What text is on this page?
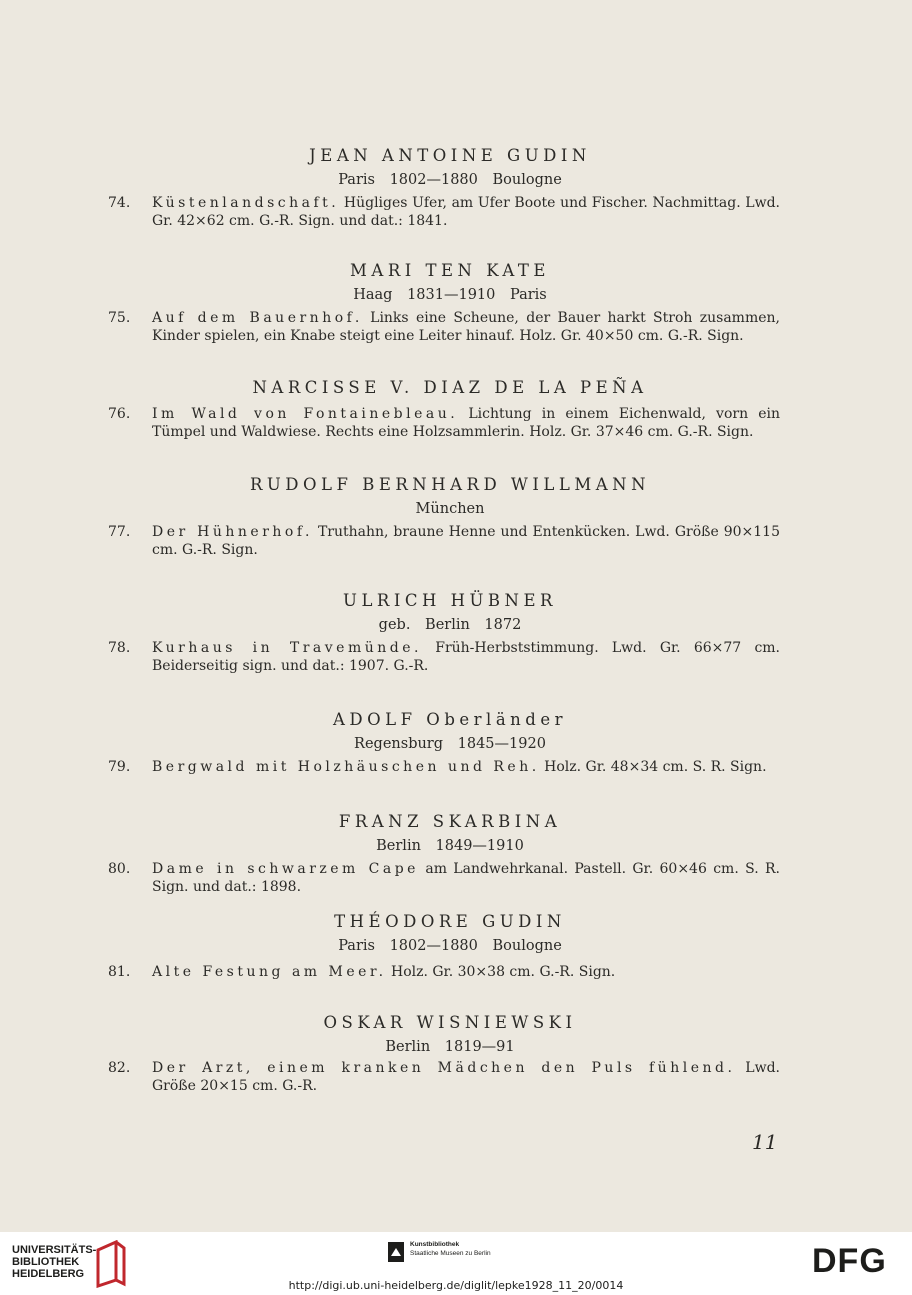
JEAN ANTOINE GUDIN
Paris 1802—1880 Boulogne
74.	Küstenlandschaft. Hügliges Ufer, am Ufer Boote und Fischer. Nachmittag. Lwd. Gr. 42×62 cm. G.-R. Sign. und dat.: 1841.
MARI TEN KATE
Haag 1831—1910 Paris
75.	Auf dem Bauernhof. Links eine Scheune, der Bauer harkt Stroh zusammen, Kinder spielen, ein Knabe steigt eine Leiter hinauf. Holz. Gr. 40×50 cm. G.-R. Sign.
NARCISSE V. DIAZ DE LA PEÑA
76.	Im Wald von Fontainebleau. Lichtung in einem Eichenwald, vorn ein Tümpel und Waldwiese. Rechts eine Holzsammlerin. Holz. Gr. 37×46 cm. G.-R. Sign.
RUDOLF BERNHARD WILLMANN
München
77.	Der Hühnerhof. Truthahn, braune Henne und Entenkücken. Lwd. Größe 90×115 cm. G.-R. Sign.
ULRICH HÜBNER
geb. Berlin 1872
78.	Kurhaus in Travemünde. Früh-Herbststimmung. Lwd. Gr. 66×77 cm. Beiderseitig sign. und dat.: 1907. G.-R.
ADOLF Oberländer
Regensburg 1845—1920
79.	Bergwald mit Holzhäuschen und Reh. Holz. Gr. 48×34 cm. S. R. Sign.
FRANZ SKARBINA
Berlin 1849—1910
80.	Dame in schwarzem Cape am Landwehrkanal. Pastell. Gr. 60×46 cm. S. R. Sign. und dat.: 1898.
THÉODORE GUDIN
Paris 1802—1880 Boulogne
81.	Alte Festung am Meer. Holz. Gr. 30×38 cm. G.-R. Sign.
OSKAR WISNIEWSKI
Berlin 1819—91
82.	Der Arzt, einem kranken Mädchen den Puls fühlend. Lwd. Größe 20×15 cm. G.-R.
11
UNIVERSITÄTS-
BIBLIOTHEK
HEIDELBERG
Kunstbibliothek
Staatliche Museen zu Berlin	DFG
http://digi.ub.uni-heidelberg.de/diglit/lepke1928_11_20/0014
